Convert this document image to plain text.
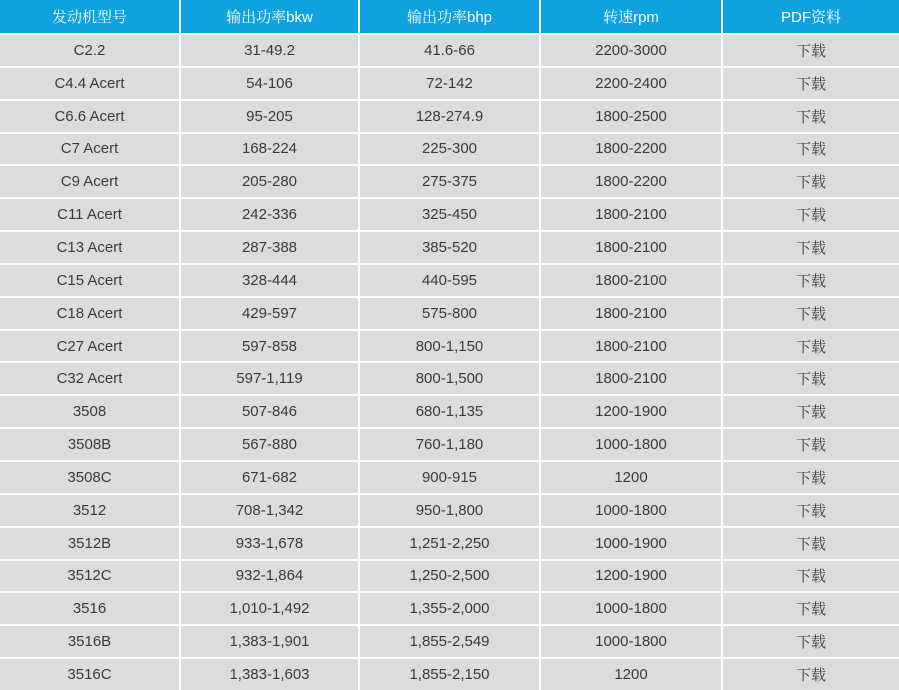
发动机型号	输出功率bkw	输出功率bhp	转速rpm	PDF资料
C2.2	31-49.2	41.6-66	2200-3000	下载
C4.4 Acert	54-106	72-142	2200-2400	下载
C6.6 Acert	95-205	128-274.9	1800-2500	下载
C7 Acert	168-224	225-300	1800-2200	下载
C9 Acert	205-280	275-375	1800-2200	下载
C11 Acert	242-336	325-450	1800-2100	下载
C13 Acert	287-388	385-520	1800-2100	下载
C15 Acert	328-444	440-595	1800-2100	下载
C18 Acert	429-597	575-800	1800-2100	下载
C27 Acert	597-858	800-1,150	1800-2100	下载
C32 Acert	597-1,119	800-1,500	1800-2100	下载
3508	507-846	680-1,135	1200-1900	下载
3508B	567-880	760-1,180	1000-1800	下载
3508C	671-682	900-915	1200	下载
3512	708-1,342	950-1,800	1000-1800	下载
3512B	933-1,678	1,251-2,250	1000-1900	下载
3512C	932-1,864	1,250-2,500	1200-1900	下载
3516	1,010-1,492	1,355-2,000	1000-1800	下载
3516B	1,383-1,901	1,855-2,549	1000-1800	下载
3516C	1,383-1,603	1,855-2,150	1200	下载
